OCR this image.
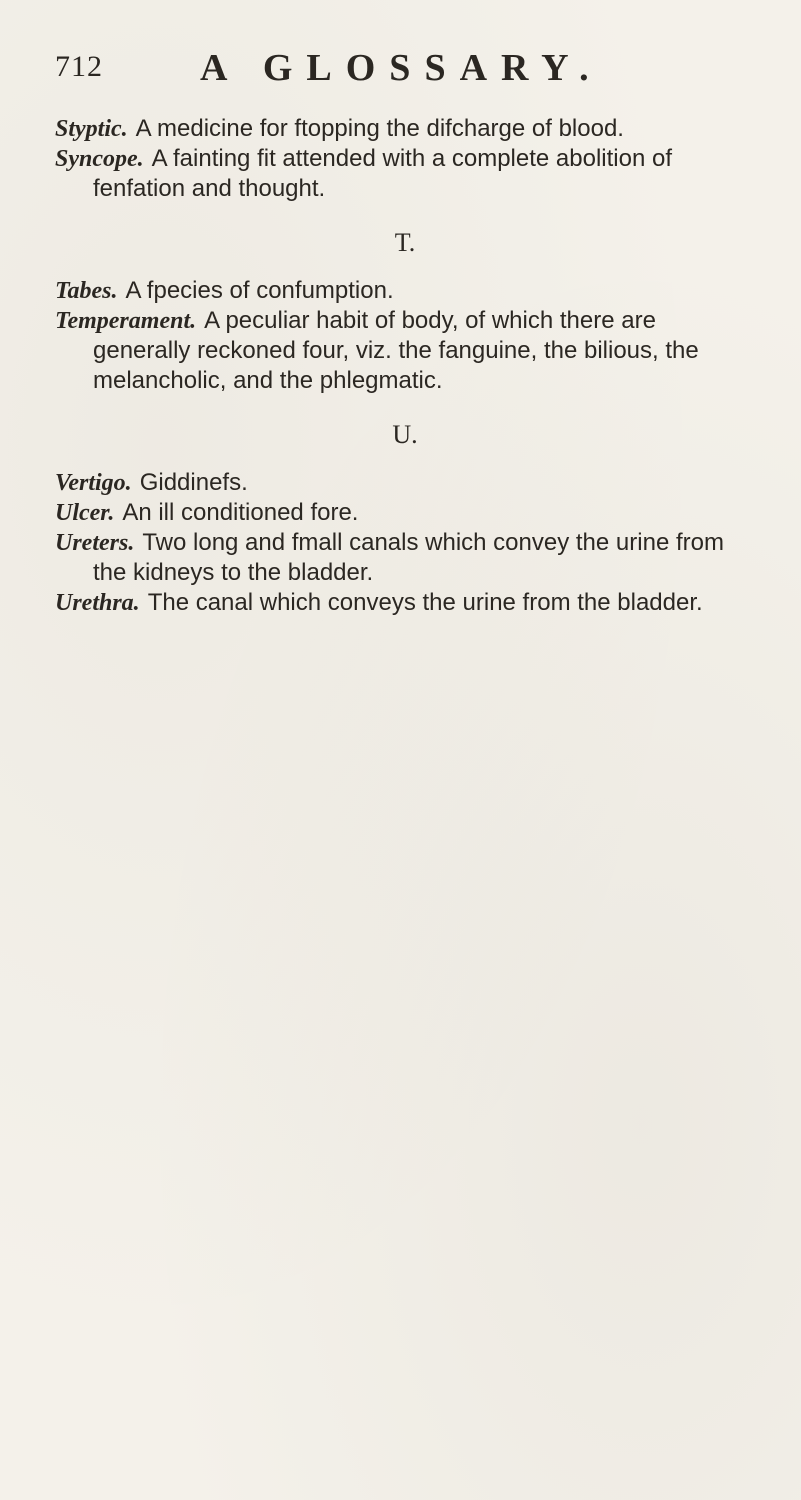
712	A GLOSSARY.

Styptic. A medicine for ftopping the difcharge of blood.

Syncope. A fainting fit attended with a complete abolition of fenfation and thought.

T.

Tabes. A fpecies of confumption.

Temperament. A peculiar habit of body, of which there are generally reckoned four, viz. the fanguine, the bilious, the melancholic, and the phlegmatic.

U.

Vertigo. Giddinefs.

Ulcer. An ill conditioned fore.

Ureters. Two long and fmall canals which convey the urine from the kidneys to the bladder.

Urethra. The canal which conveys the urine from the bladder.
